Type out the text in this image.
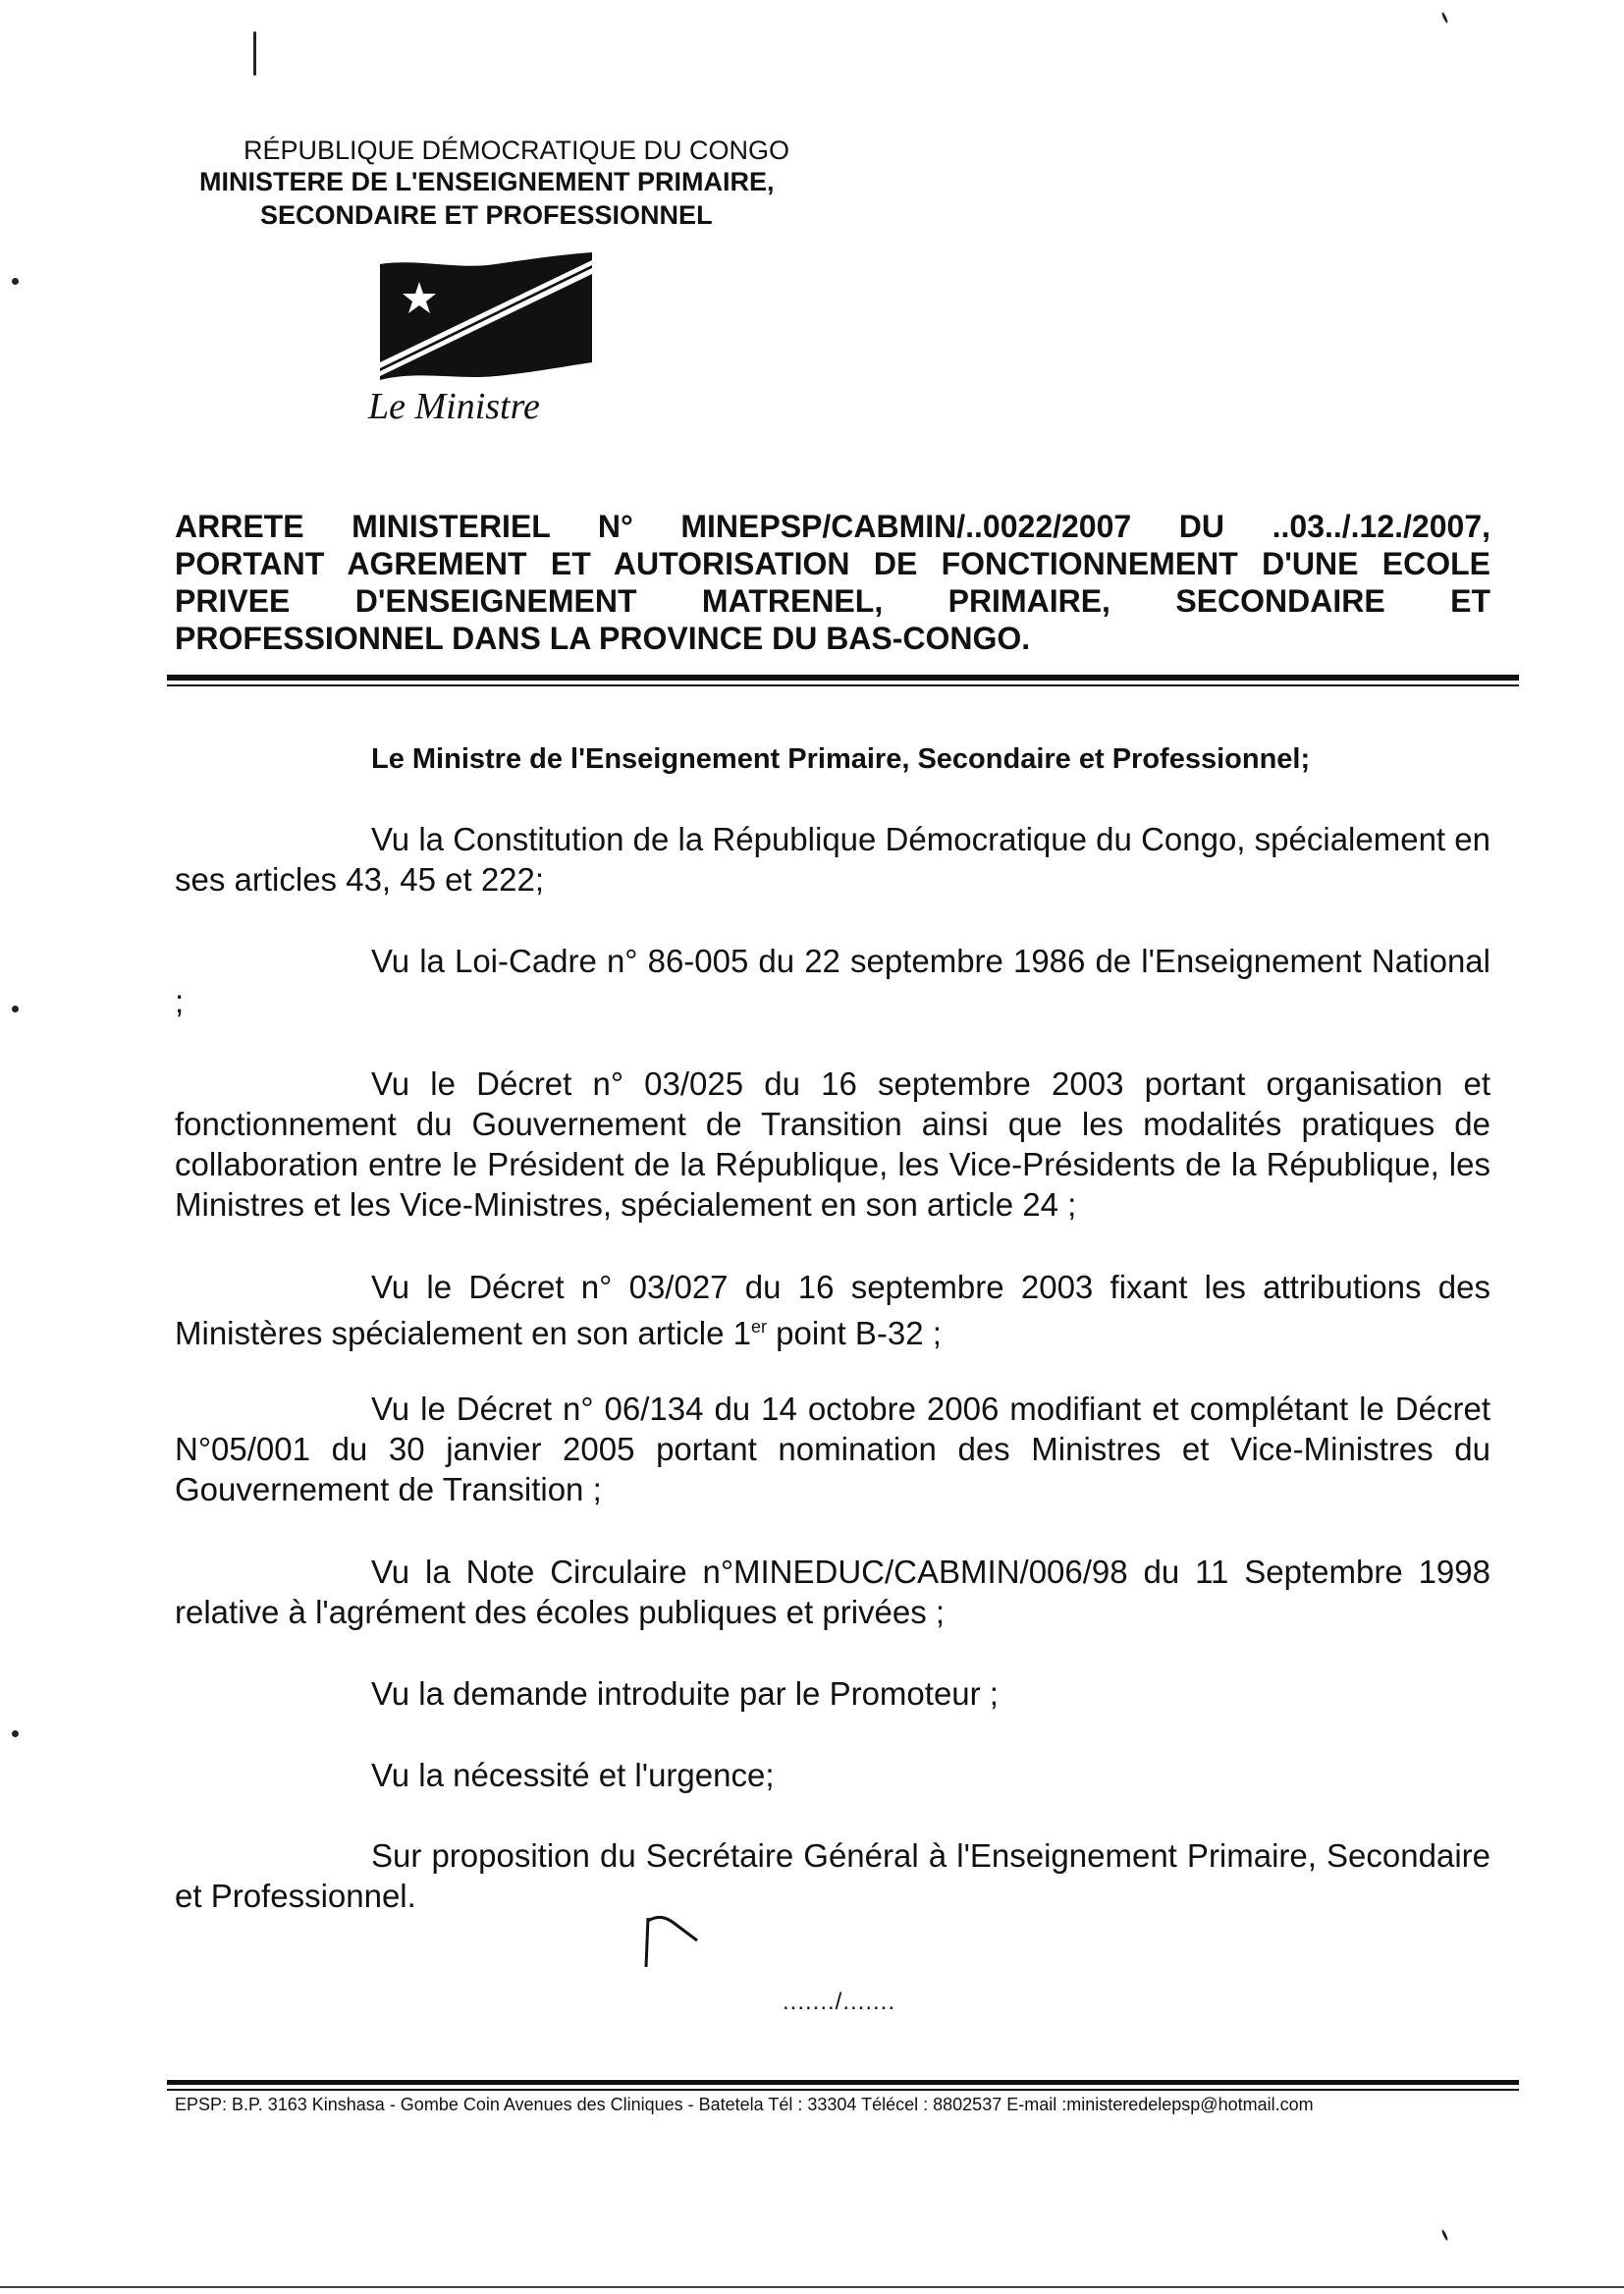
RÉPUBLIQUE DÉMOCRATIQUE DU CONGO
MINISTERE DE L'ENSEIGNEMENT PRIMAIRE,
SECONDAIRE ET PROFESSIONNEL
Le Ministre
ARRETE MINISTERIEL N° MINEPSP/CABMIN/..0022/2007 DU ..03../.12./2007,
PORTANT AGREMENT ET AUTORISATION DE FONCTIONNEMENT D'UNE ECOLE
PRIVEE D'ENSEIGNEMENT MATRENEL, PRIMAIRE, SECONDAIRE ET
PROFESSIONNEL DANS LA PROVINCE DU BAS-CONGO.
Le Ministre de l'Enseignement Primaire, Secondaire et Professionnel;
Vu la Constitution de la République Démocratique du Congo, spécialement en ses articles 43, 45 et 222;
Vu la Loi-Cadre n° 86-005 du 22 septembre 1986 de l'Enseignement National ;
Vu le Décret n° 03/025 du 16 septembre 2003 portant organisation et fonctionnement du Gouvernement de Transition ainsi que les modalités pratiques de collaboration entre le Président de la République, les Vice-Présidents de la République, les Ministres et les Vice-Ministres, spécialement en son article 24 ;
Vu le Décret n° 03/027 du 16 septembre 2003 fixant les attributions des Ministères spécialement en son article 1er point B-32 ;
Vu le Décret n° 06/134 du 14 octobre 2006 modifiant et complétant le Décret N°05/001 du 30 janvier 2005 portant nomination des Ministres et Vice-Ministres du Gouvernement de Transition ;
Vu la Note Circulaire n°MINEDUC/CABMIN/006/98 du 11 Septembre 1998 relative à l'agrément des écoles publiques et privées ;
Vu la demande introduite par le Promoteur ;
Vu la nécessité et l'urgence;
Sur proposition du Secrétaire Général à l'Enseignement Primaire, Secondaire et Professionnel.
......./.......
EPSP: B.P. 3163 Kinshasa - Gombe Coin Avenues des Cliniques - Batetela Tél : 33304 Télécel : 8802537 E-mail :ministeredelepsp@hotmail.com
